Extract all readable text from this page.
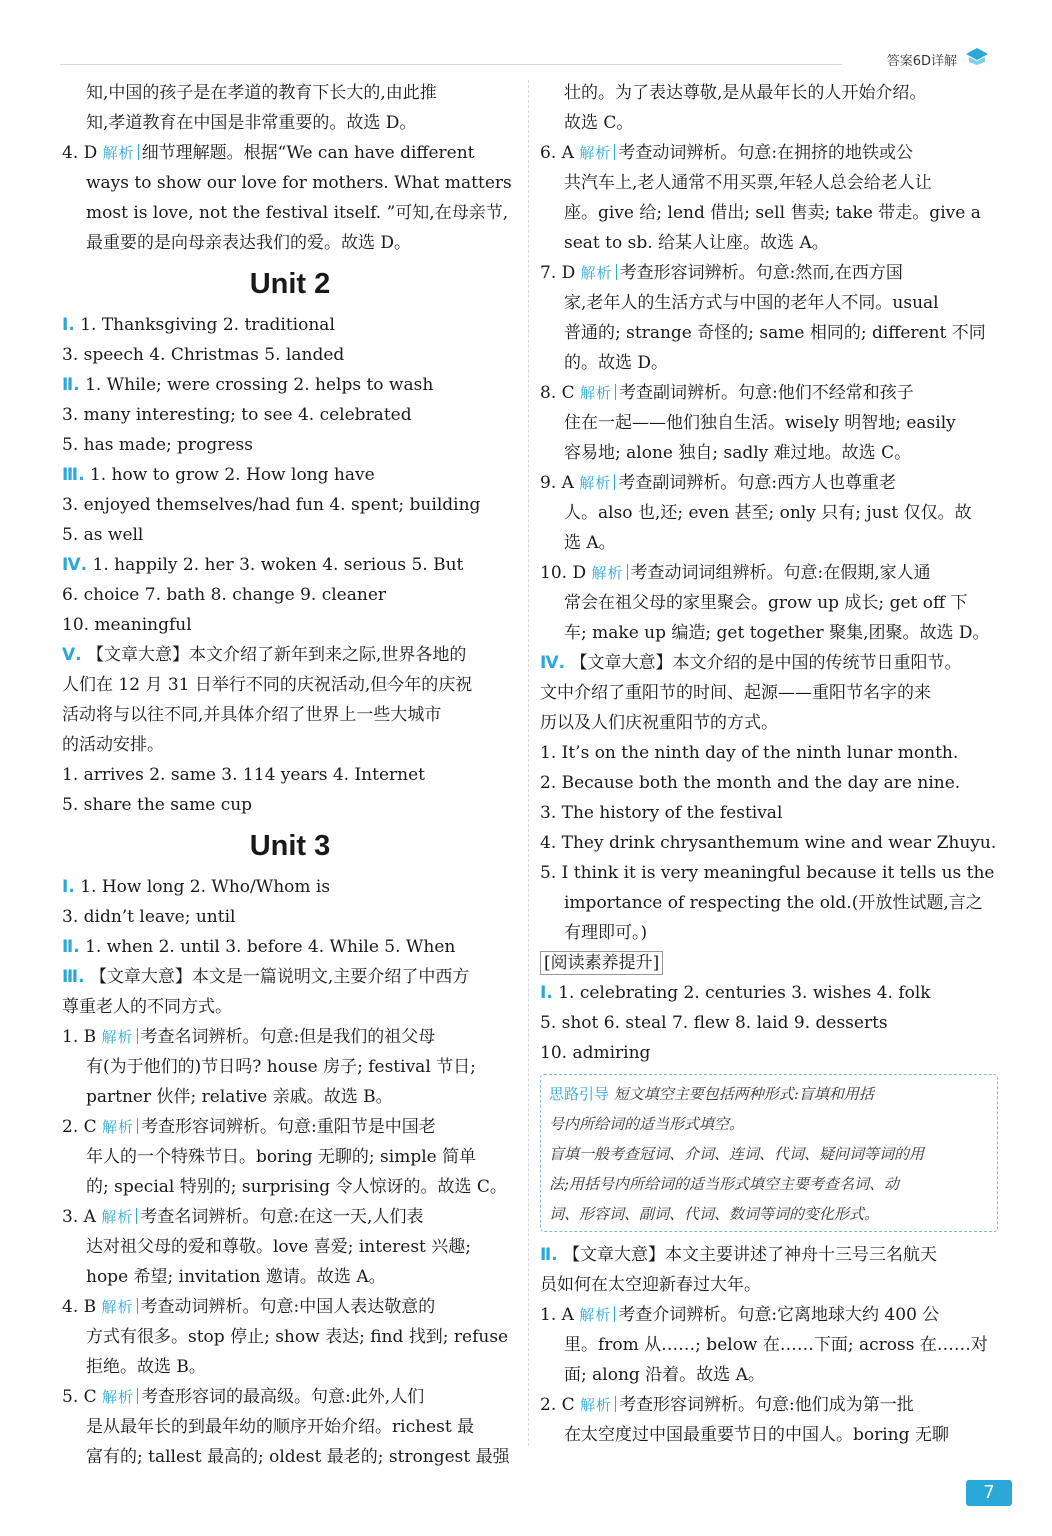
答案6D详解
知,中国的孩子是在孝道的教育下长大的,由此推
知,孝道教育在中国是非常重要的。故选 D。
4. D 解析 细节理解题。根据“We can have different
ways to show our love for mothers. What matters
most is love, not the festival itself. ”可知,在母亲节,
最重要的是向母亲表达我们的爱。故选 D。
Unit 2
Ⅰ. 1. Thanksgiving 2. traditional
3. speech 4. Christmas 5. landed
Ⅱ. 1. While; were crossing 2. helps to wash
3. many interesting; to see 4. celebrated
5. has made; progress
Ⅲ. 1. how to grow 2. How long have
3. enjoyed themselves/had fun 4. spent; building
5. as well
Ⅳ. 1. happily 2. her 3. woken 4. serious 5. But
6. choice 7. bath 8. change 9. cleaner
10. meaningful
Ⅴ. 【文章大意】本文介绍了新年到来之际,世界各地的
人们在 12 月 31 日举行不同的庆祝活动,但今年的庆祝
活动将与以往不同,并具体介绍了世界上一些大城市
的活动安排。
1. arrives 2. same 3. 114 years 4. Internet
5. share the same cup
Unit 3
Ⅰ. 1. How long 2. Who/Whom is
3. didn’t leave; until
Ⅱ. 1. when 2. until 3. before 4. While 5. When
Ⅲ. 【文章大意】本文是一篇说明文,主要介绍了中西方
尊重老人的不同方式。
1. B 解析 考查名词辨析。句意:但是我们的祖父母
有(为于他们的)节日吗? house 房子; festival 节日;
partner 伙伴; relative 亲戚。故选 B。
2. C 解析 考查形容词辨析。句意:重阳节是中国老
年人的一个特殊节日。boring 无聊的; simple 简单
的; special 特别的; surprising 令人惊讶的。故选 C。
3. A 解析 考查名词辨析。句意:在这一天,人们表
达对祖父母的爱和尊敬。love 喜爱; interest 兴趣;
hope 希望; invitation 邀请。故选 A。
4. B 解析 考查动词辨析。句意:中国人表达敬意的
方式有很多。stop 停止; show 表达; find 找到; refuse
拒绝。故选 B。
5. C 解析 考查形容词的最高级。句意:此外,人们
是从最年长的到最年幼的顺序开始介绍。richest 最
富有的; tallest 最高的; oldest 最老的; strongest 最强
壮的。为了表达尊敬,是从最年长的人开始介绍。
故选 C。
6. A 解析 考查动词辨析。句意:在拥挤的地铁或公
共汽车上,老人通常不用买票,年轻人总会给老人让
座。give 给; lend 借出; sell 售卖; take 带走。give a
seat to sb. 给某人让座。故选 A。
7. D 解析 考查形容词辨析。句意:然而,在西方国
家,老年人的生活方式与中国的老年人不同。usual
普通的; strange 奇怪的; same 相同的; different 不同
的。故选 D。
8. C 解析 考查副词辨析。句意:他们不经常和孩子
住在一起——他们独自生活。wisely 明智地; easily
容易地; alone 独自; sadly 难过地。故选 C。
9. A 解析 考查副词辨析。句意:西方人也尊重老
人。also 也,还; even 甚至; only 只有; just 仅仅。故
选 A。
10. D 解析 考查动词词组辨析。句意:在假期,家人通
常会在祖父母的家里聚会。grow up 成长; get off 下
车; make up 编造; get together 聚集,团聚。故选 D。
Ⅳ. 【文章大意】本文介绍的是中国的传统节日重阳节。
文中介绍了重阳节的时间、起源——重阳节名字的来
历以及人们庆祝重阳节的方式。
1. It’s on the ninth day of the ninth lunar month.
2. Because both the month and the day are nine.
3. The history of the festival
4. They drink chrysanthemum wine and wear Zhuyu.
5. I think it is very meaningful because it tells us the
importance of respecting the old.(开放性试题,言之
有理即可。)
[阅读素养提升]
Ⅰ. 1. celebrating 2. centuries 3. wishes 4. folk
5. shot 6. steal 7. flew 8. laid 9. desserts
10. admiring
思路引导 短文填空主要包括两种形式:盲填和用括
号内所给词的适当形式填空。
盲填一般考查冠词、介词、连词、代词、疑问词等词的用
法;用括号内所给词的适当形式填空主要考查名词、动
词、形容词、副词、代词、数词等词的变化形式。
Ⅱ. 【文章大意】本文主要讲述了神舟十三号三名航天
员如何在太空迎新春过大年。
1. A 解析 考查介词辨析。句意:它离地球大约 400 公
里。from 从……; below 在……下面; across 在……对
面; along 沿着。故选 A。
2. C 解析 考查形容词辨析。句意:他们成为第一批
在太空度过中国最重要节日的中国人。boring 无聊
7
